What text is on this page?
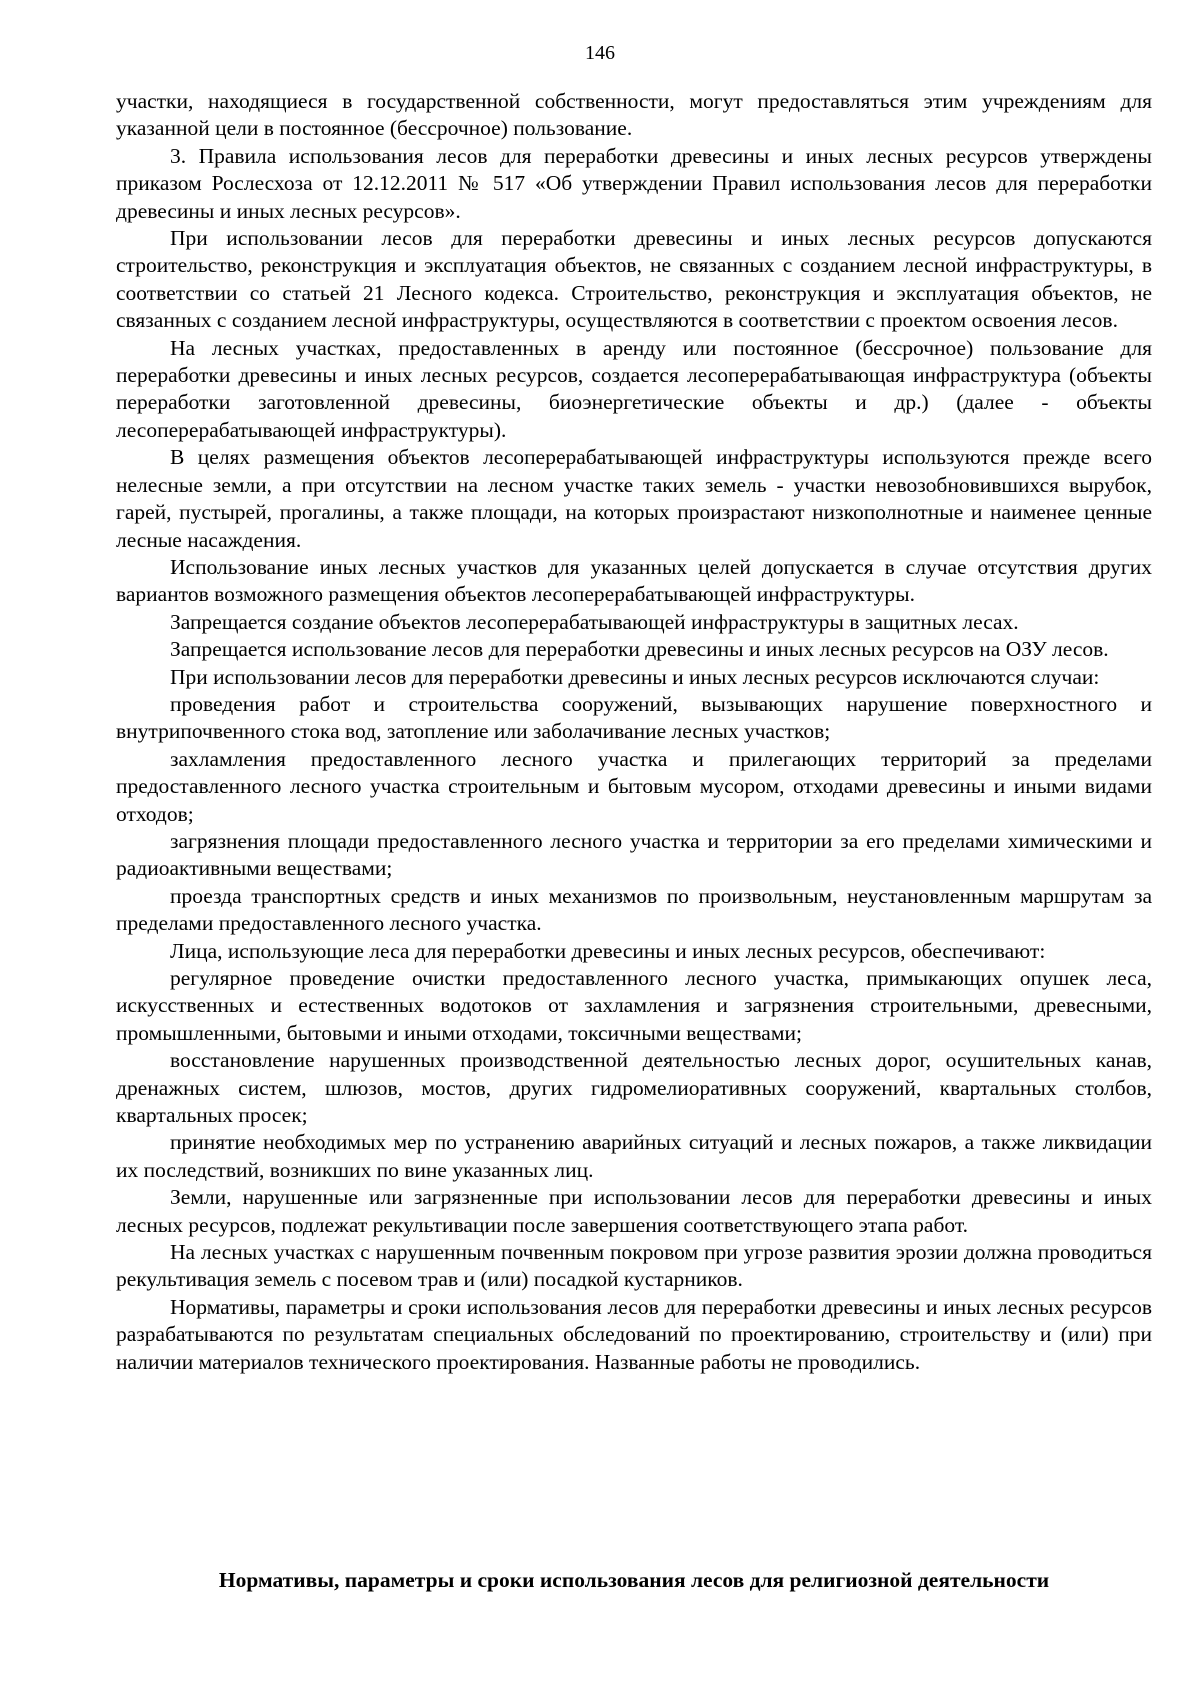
146

участки, находящиеся в государственной собственности, могут предоставляться этим учреждениям для указанной цели в постоянное (бессрочное) пользование.

3. Правила использования лесов для переработки древесины и иных лесных ресурсов утверждены приказом Рослесхоза от 12.12.2011 № 517 «Об утверждении Правил использования лесов для переработки древесины и иных лесных ресурсов».

При использовании лесов для переработки древесины и иных лесных ресурсов допускаются строительство, реконструкция и эксплуатация объектов, не связанных с созданием лесной инфраструктуры, в соответствии со статьей 21 Лесного кодекса. Строительство, реконструкция и эксплуатация объектов, не связанных с созданием лесной инфраструктуры, осуществляются в соответствии с проектом освоения лесов.

На лесных участках, предоставленных в аренду или постоянное (бессрочное) пользование для переработки древесины и иных лесных ресурсов, создается лесоперерабатывающая инфраструктура (объекты переработки заготовленной древесины, биоэнергетические объекты и др.) (далее - объекты лесоперерабатывающей инфраструктуры).

В целях размещения объектов лесоперерабатывающей инфраструктуры используются прежде всего нелесные земли, а при отсутствии на лесном участке таких земель - участки невозобновившихся вырубок, гарей, пустырей, прогалины, а также площади, на которых произрастают низкополнотные и наименее ценные лесные насаждения.

Использование иных лесных участков для указанных целей допускается в случае отсутствия других вариантов возможного размещения объектов лесоперерабатывающей инфраструктуры.

Запрещается создание объектов лесоперерабатывающей инфраструктуры в защитных лесах.

Запрещается использование лесов для переработки древесины и иных лесных ресурсов на ОЗУ лесов.

При использовании лесов для переработки древесины и иных лесных ресурсов исключаются случаи:

проведения работ и строительства сооружений, вызывающих нарушение поверхностного и внутрипочвенного стока вод, затопление или заболачивание лесных участков;

захламления предоставленного лесного участка и прилегающих территорий за пределами предоставленного лесного участка строительным и бытовым мусором, отходами древесины и иными видами отходов;

загрязнения площади предоставленного лесного участка и территории за его пределами химическими и радиоактивными веществами;

проезда транспортных средств и иных механизмов по произвольным, неустановленным маршрутам за пределами предоставленного лесного участка.

Лица, использующие леса для переработки древесины и иных лесных ресурсов, обеспечивают:

регулярное проведение очистки предоставленного лесного участка, примыкающих опушек леса, искусственных и естественных водотоков от захламления и загрязнения строительными, древесными, промышленными, бытовыми и иными отходами, токсичными веществами;

восстановление нарушенных производственной деятельностью лесных дорог, осушительных канав, дренажных систем, шлюзов, мостов, других гидромелиоративных сооружений, квартальных столбов, квартальных просек;

принятие необходимых мер по устранению аварийных ситуаций и лесных пожаров, а также ликвидации их последствий, возникших по вине указанных лиц.

Земли, нарушенные или загрязненные при использовании лесов для переработки древесины и иных лесных ресурсов, подлежат рекультивации после завершения соответствующего этапа работ.

На лесных участках с нарушенным почвенным покровом при угрозе развития эрозии должна проводиться рекультивация земель с посевом трав и (или) посадкой кустарников.

Нормативы, параметры и сроки использования лесов для переработки древесины и иных лесных ресурсов разрабатываются по результатам специальных обследований по проектированию, строительству и (или) при наличии материалов технического проектирования. Названные работы не проводились.

Нормативы, параметры и сроки использования лесов для религиозной деятельности
